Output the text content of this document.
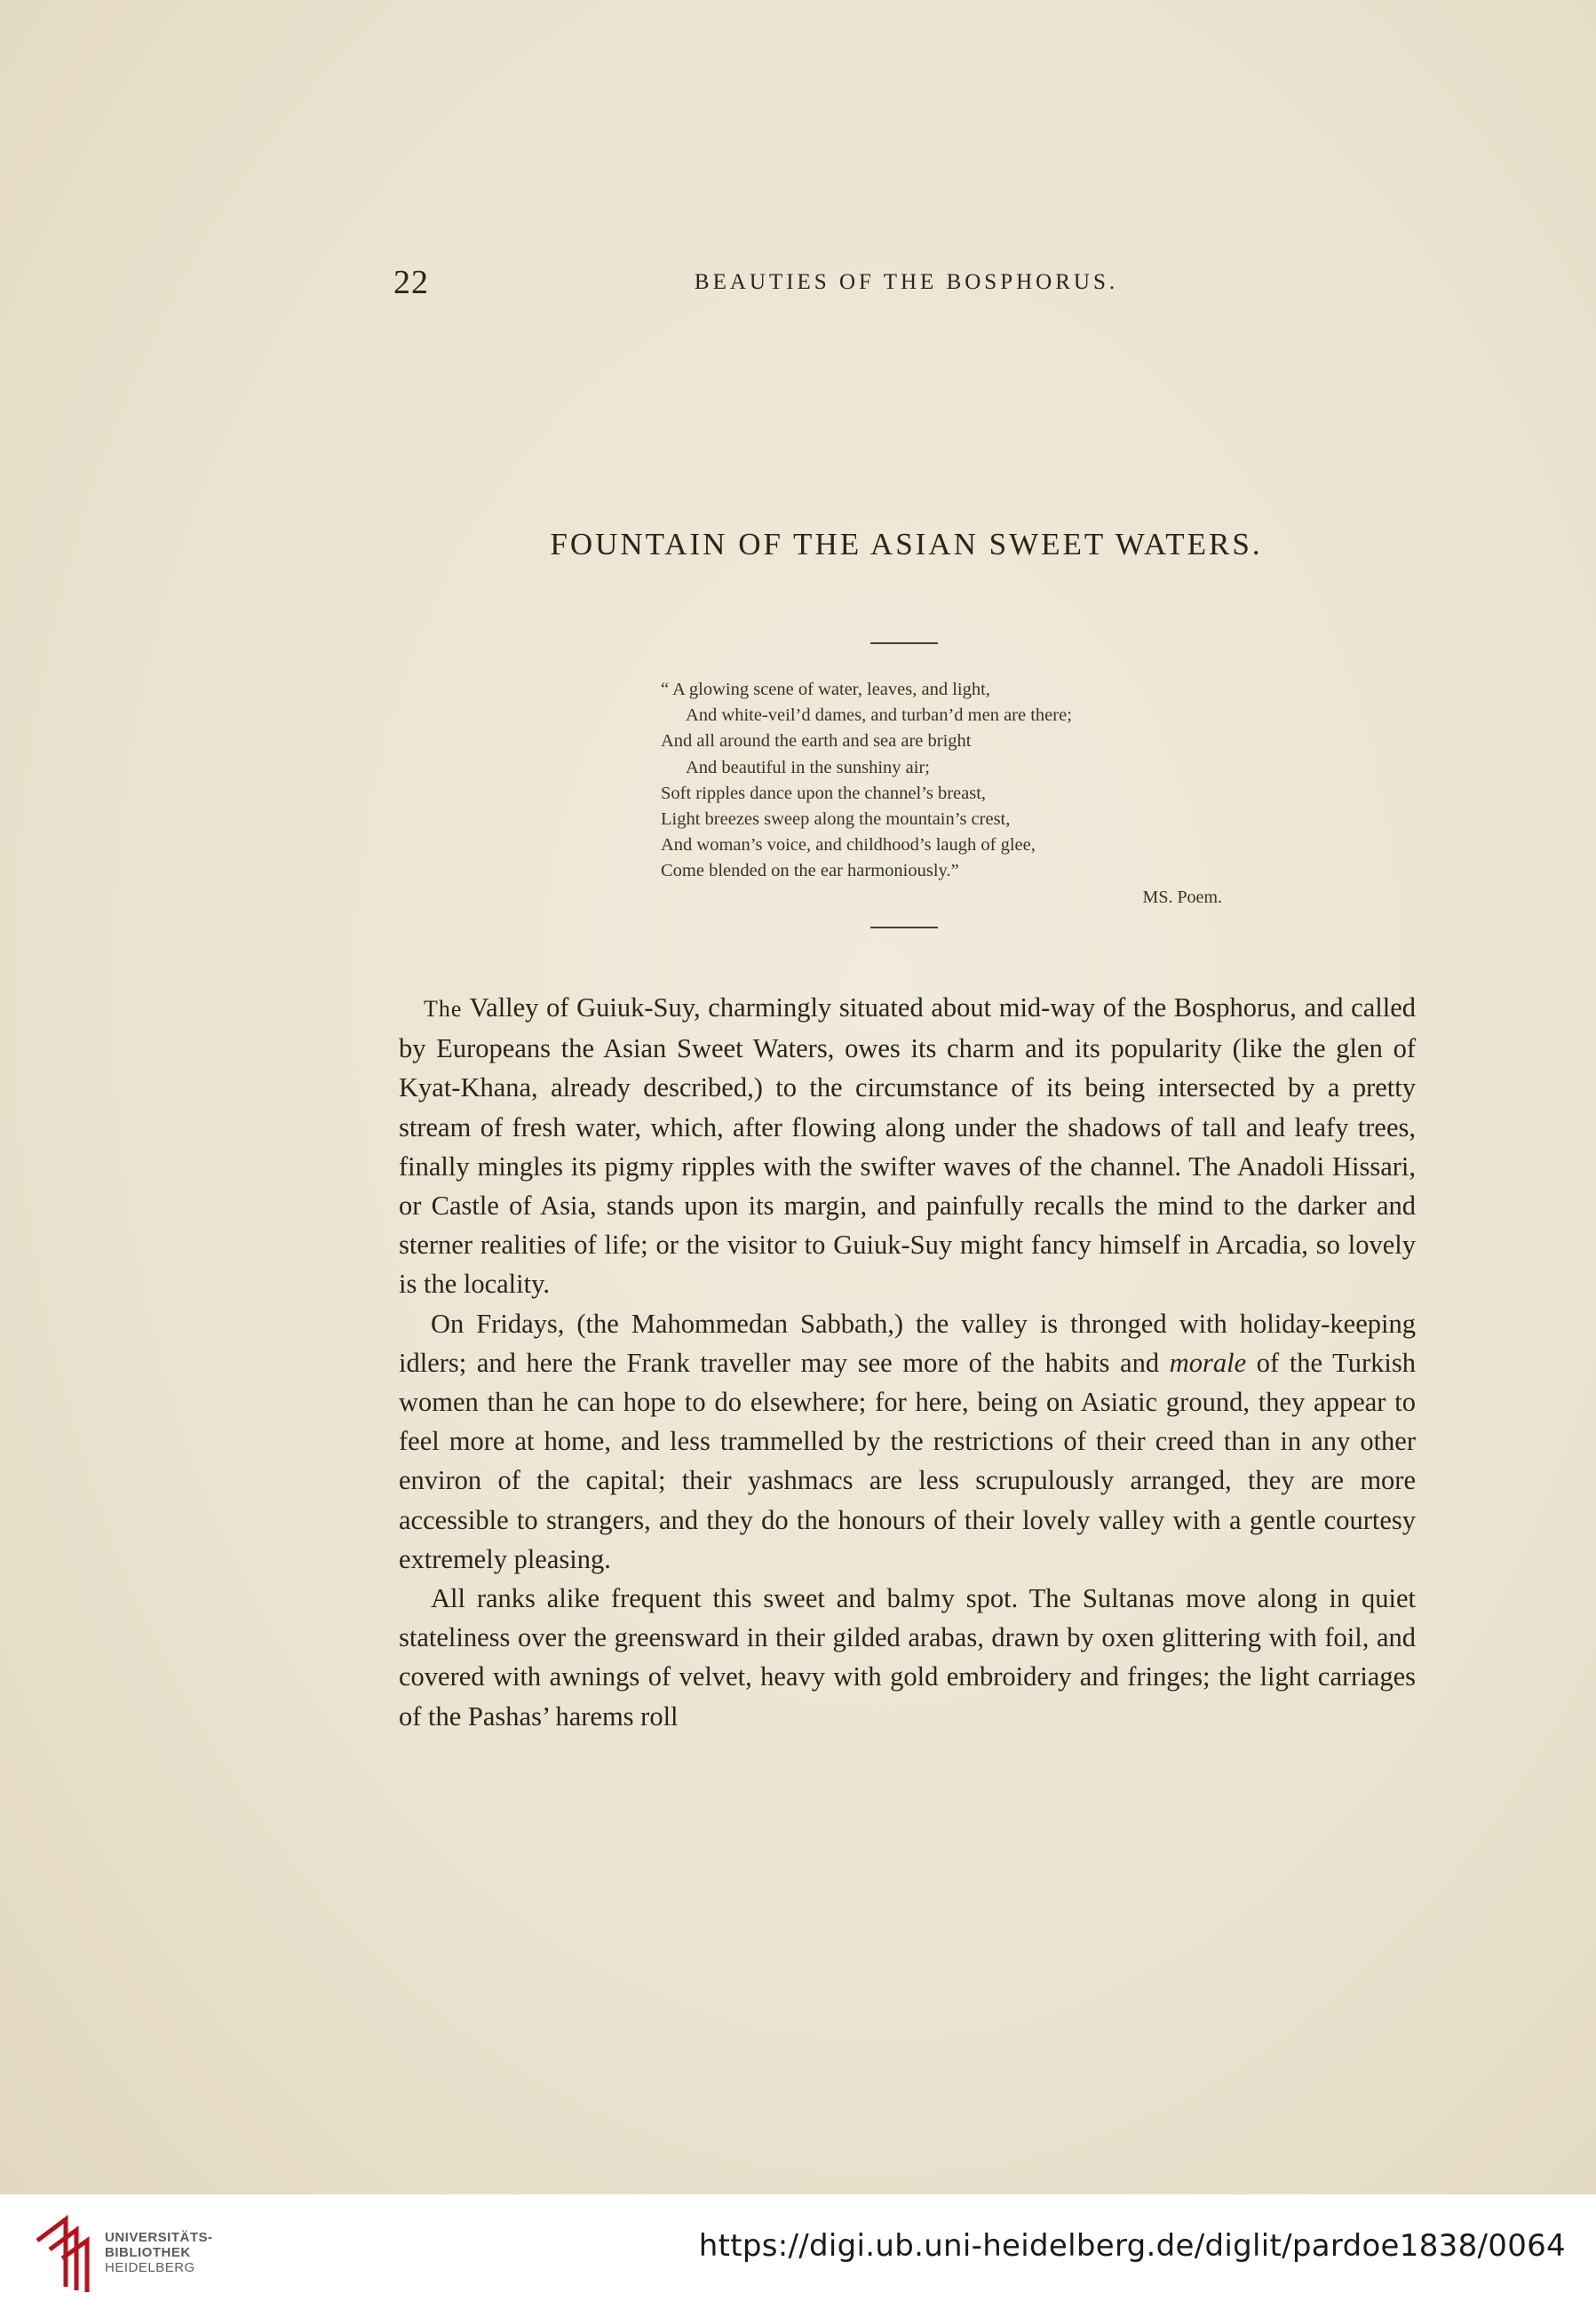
22	BEAUTIES OF THE BOSPHORUS.
FOUNTAIN OF THE ASIAN SWEET WATERS.
“ A glowing scene of water, leaves, and light,
And white-veil’d dames, and turban’d men are there;
And all around the earth and sea are bright
And beautiful in the sunshiny air;
Soft ripples dance upon the channel’s breast,
Light breezes sweep along the mountain’s crest,
And woman’s voice, and childhood’s laugh of glee,
Come blended on the ear harmoniously.”
MS. Poem.

The Valley of Guiuk-Suy, charmingly situated about mid-way of the Bosphorus, and called by Europeans the Asian Sweet Waters, owes its charm and its popularity (like the glen of Kyat-Khana, already described,) to the circumstance of its being intersected by a pretty stream of fresh water, which, after flowing along under the shadows of tall and leafy trees, finally mingles its pigmy ripples with the swifter waves of the channel. The Anadoli Hissari, or Castle of Asia, stands upon its margin, and painfully recalls the mind to the darker and sterner realities of life; or the visitor to Guiuk-Suy might fancy himself in Arcadia, so lovely is the locality.

On Fridays, (the Mahommedan Sabbath,) the valley is thronged with holiday-keeping idlers; and here the Frank traveller may see more of the habits and morale of the Turkish women than he can hope to do elsewhere; for here, being on Asiatic ground, they appear to feel more at home, and less trammelled by the restrictions of their creed than in any other environ of the capital; their yashmacs are less scrupulously arranged, they are more accessible to strangers, and they do the honours of their lovely valley with a gentle courtesy extremely pleasing.

All ranks alike frequent this sweet and balmy spot. The Sultanas move along in quiet stateliness over the greensward in their gilded arabas, drawn by oxen glittering with foil, and covered with awnings of velvet, heavy with gold embroidery and fringes; the light carriages of the Pashas’ harems roll

UNIVERSITÄTS-
BIBLIOTHEK
HEIDELBERG
https://digi.ub.uni-heidelberg.de/diglit/pardoe1838/0064
